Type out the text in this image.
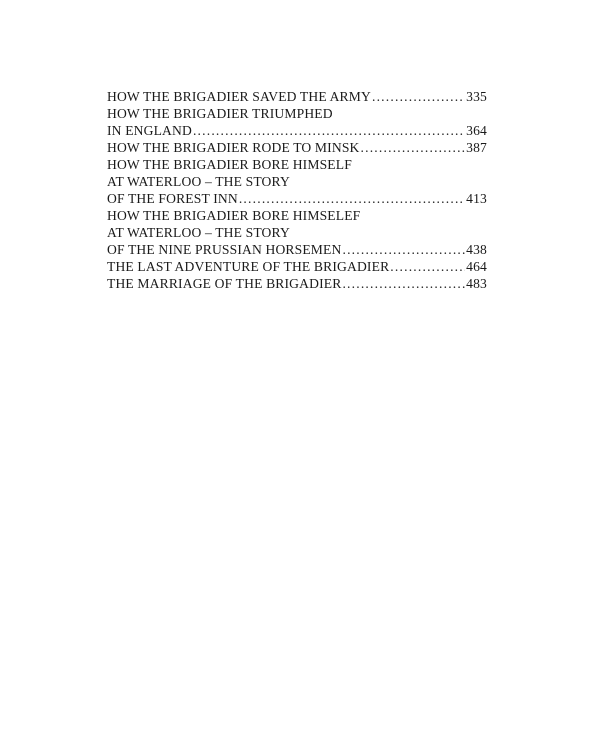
HOW THE BRIGADIER SAVED THE ARMY .....	335
HOW THE BRIGADIER TRIUMPHED
IN ENGLAND .....	364
HOW THE BRIGADIER RODE TO MINSK .....	387
HOW THE BRIGADIER BORE HIMSELF
AT WATERLOO – THE STORY
OF THE FOREST INN .....	413
HOW THE BRIGADIER BORE HIMSELEF
AT WATERLOO – THE STORY
OF THE NINE PRUSSIAN HORSEMEN .....	438
THE LAST ADVENTURE OF THE BRIGADIER .....	464
THE MARRIAGE OF THE BRIGADIER .....	483
